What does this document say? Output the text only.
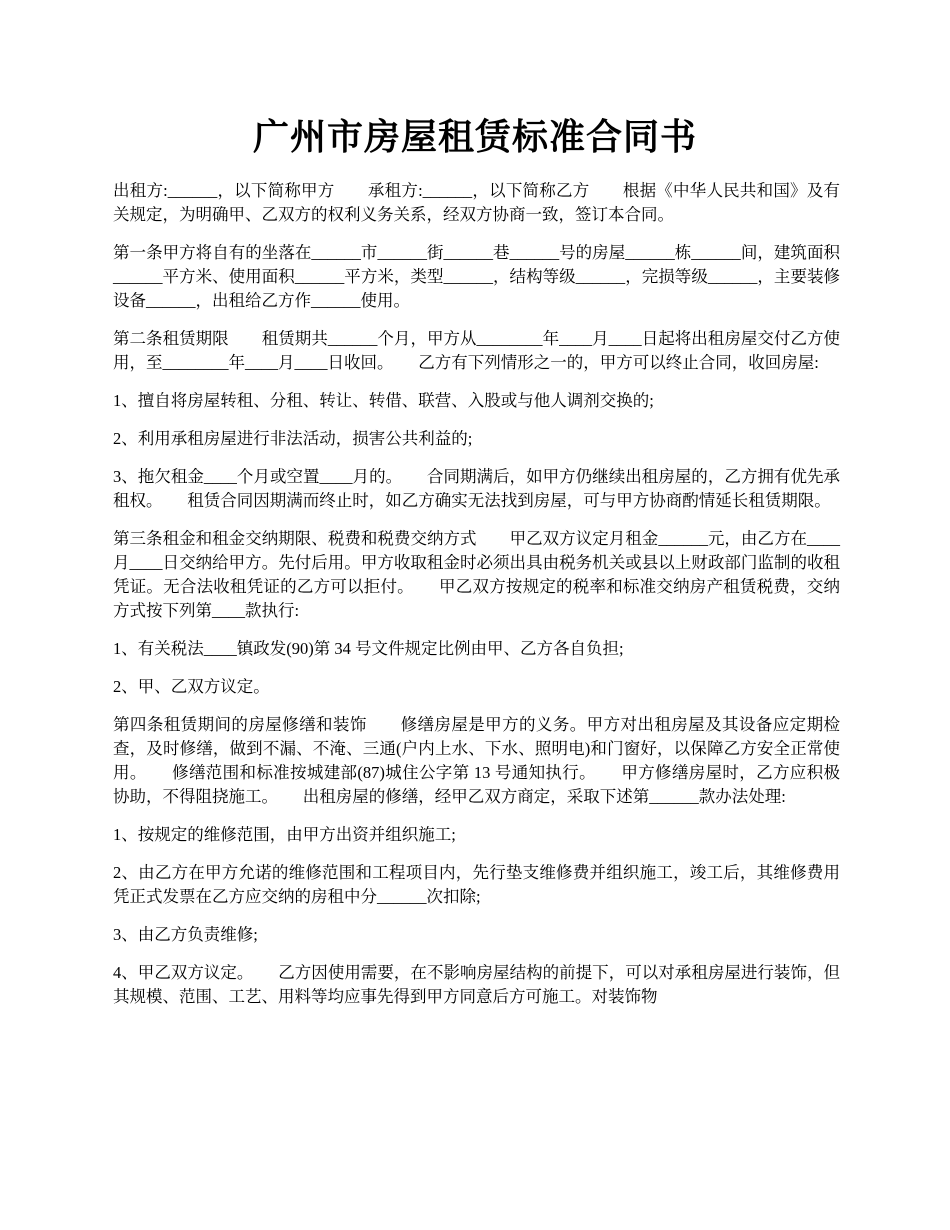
广州市房屋租赁标准合同书

出租方:______，以下简称甲方　　承租方:______，以下简称乙方　　根据《中华人民共和国》及有关规定，为明确甲、乙双方的权利义务关系，经双方协商一致，签订本合同。

第一条甲方将自有的坐落在______市______街______巷______号的房屋______栋______间，建筑面积______平方米、使用面积______平方米，类型______，结构等级______，完损等级______，主要装修设备______，出租给乙方作______使用。

第二条租赁期限　　租赁期共______个月，甲方从________年____月____日起将出租房屋交付乙方使用，至________年____月____日收回。　　乙方有下列情形之一的，甲方可以终止合同，收回房屋:

1、擅自将房屋转租、分租、转让、转借、联营、入股或与他人调剂交换的;

2、利用承租房屋进行非法活动，损害公共利益的;

3、拖欠租金____个月或空置____月的。　　合同期满后，如甲方仍继续出租房屋的，乙方拥有优先承租权。　　租赁合同因期满而终止时，如乙方确实无法找到房屋，可与甲方协商酌情延长租赁期限。

第三条租金和租金交纳期限、税费和税费交纳方式　　甲乙双方议定月租金______元，由乙方在____月____日交纳给甲方。先付后用。甲方收取租金时必须出具由税务机关或县以上财政部门监制的收租凭证。无合法收租凭证的乙方可以拒付。　　甲乙双方按规定的税率和标准交纳房产租赁税费，交纳方式按下列第____款执行:

1、有关税法____镇政发(90)第 34 号文件规定比例由甲、乙方各自负担;

2、甲、乙双方议定。

第四条租赁期间的房屋修缮和装饰　　修缮房屋是甲方的义务。甲方对出租房屋及其设备应定期检查，及时修缮，做到不漏、不淹、三通(户内上水、下水、照明电)和门窗好，以保障乙方安全正常使用。　　修缮范围和标准按城建部(87)城住公字第 13 号通知执行。　　甲方修缮房屋时，乙方应积极协助，不得阻挠施工。　　出租房屋的修缮，经甲乙双方商定，采取下述第______款办法处理:

1、按规定的维修范围，由甲方出资并组织施工;

2、由乙方在甲方允诺的维修范围和工程项目内，先行垫支维修费并组织施工，竣工后，其维修费用凭正式发票在乙方应交纳的房租中分______次扣除;

3、由乙方负责维修;

4、甲乙双方议定。　　乙方因使用需要，在不影响房屋结构的前提下，可以对承租房屋进行装饰，但其规模、范围、工艺、用料等均应事先得到甲方同意后方可施工。对装饰物
